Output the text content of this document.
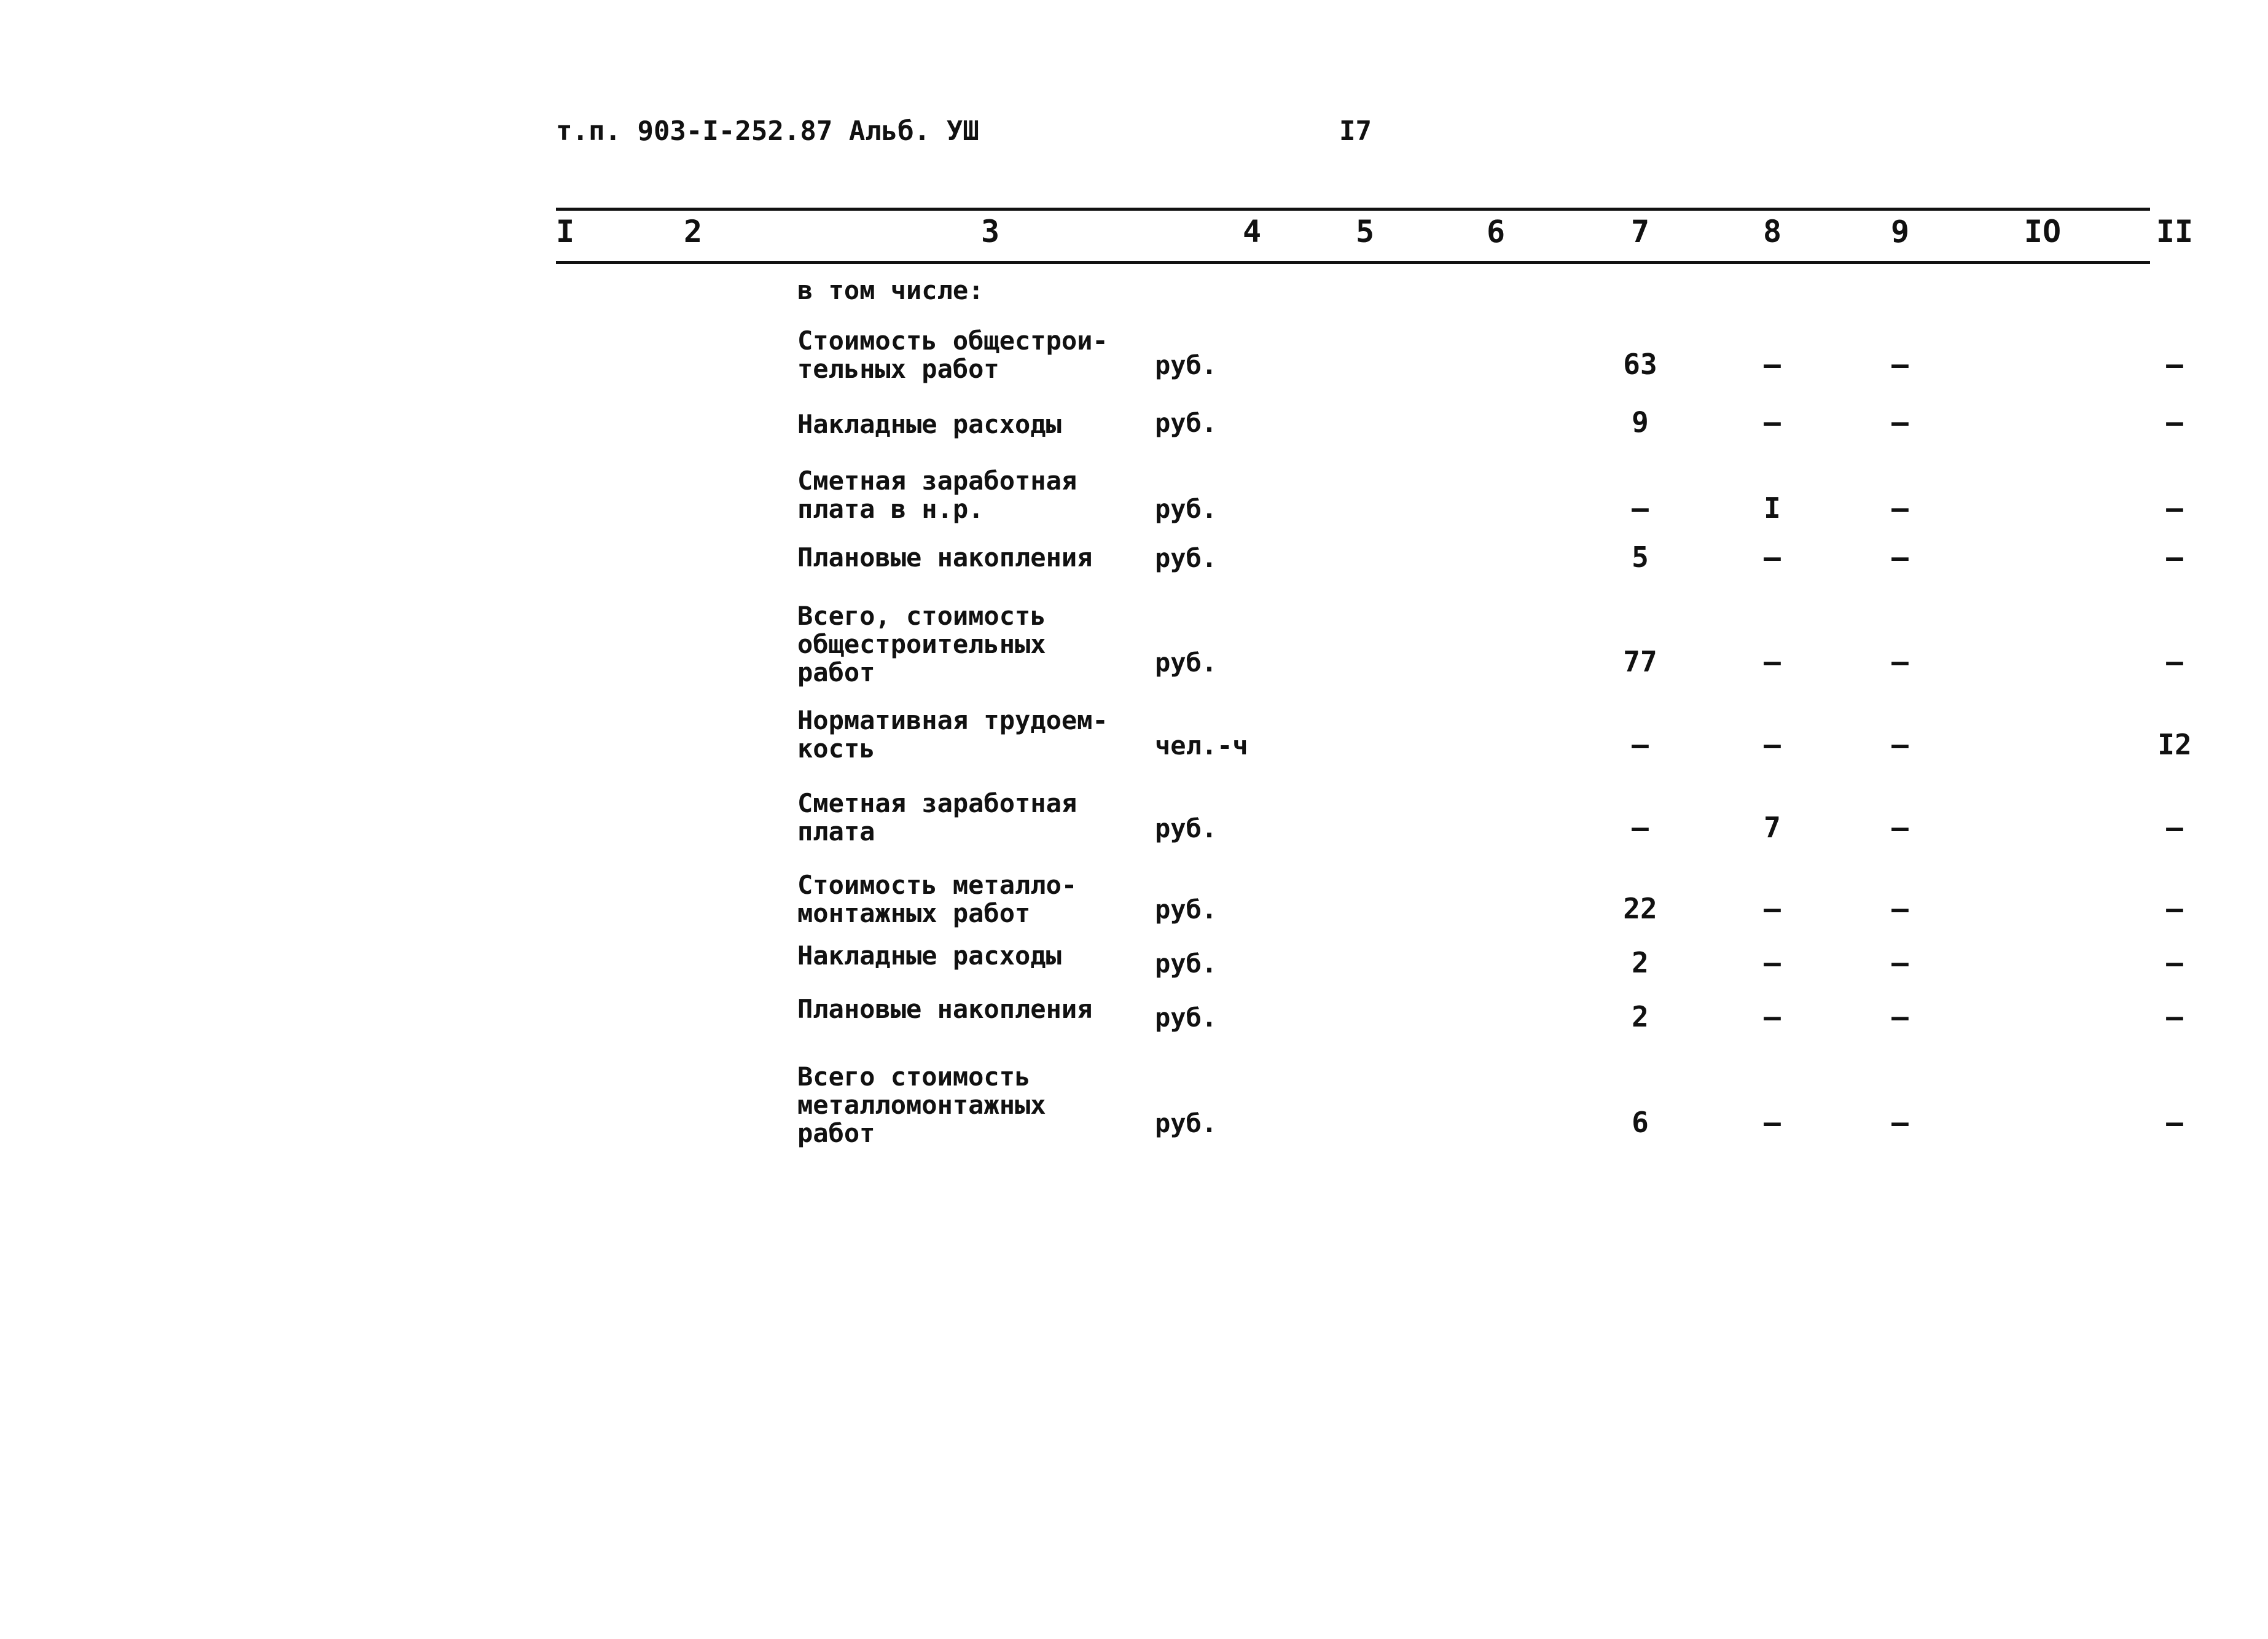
т.п. 903-I-252.87 Альб. УШ	I7
I	2	3	4	5	6	7	8	9	IO	II
в том числе:
Стоимость общестрои-
тельных работ	руб.	63	–	–	–
Накладные расходы	руб.	9	–	–	–
Сметная заработная
плата в н.р.	руб.	–	I	–	–
Плановые накопления руб.	5	–	–	–
Всего, стоимость
общестроительных
работ	руб.	77	–	–	–
Нормативная трудоем-
кость	чел.-ч	–	–	–	I2
Сметная заработная
плата	руб.	–	7	–	–
Стоимость металло-
монтажных работ	руб.	22	–	–	–
Накладные расходы	руб.	2	–	–	–
Плановые накопления руб.	2	–	–	–
Всего стоимость
металломонтажных
работ	руб.	6	–	–	–
